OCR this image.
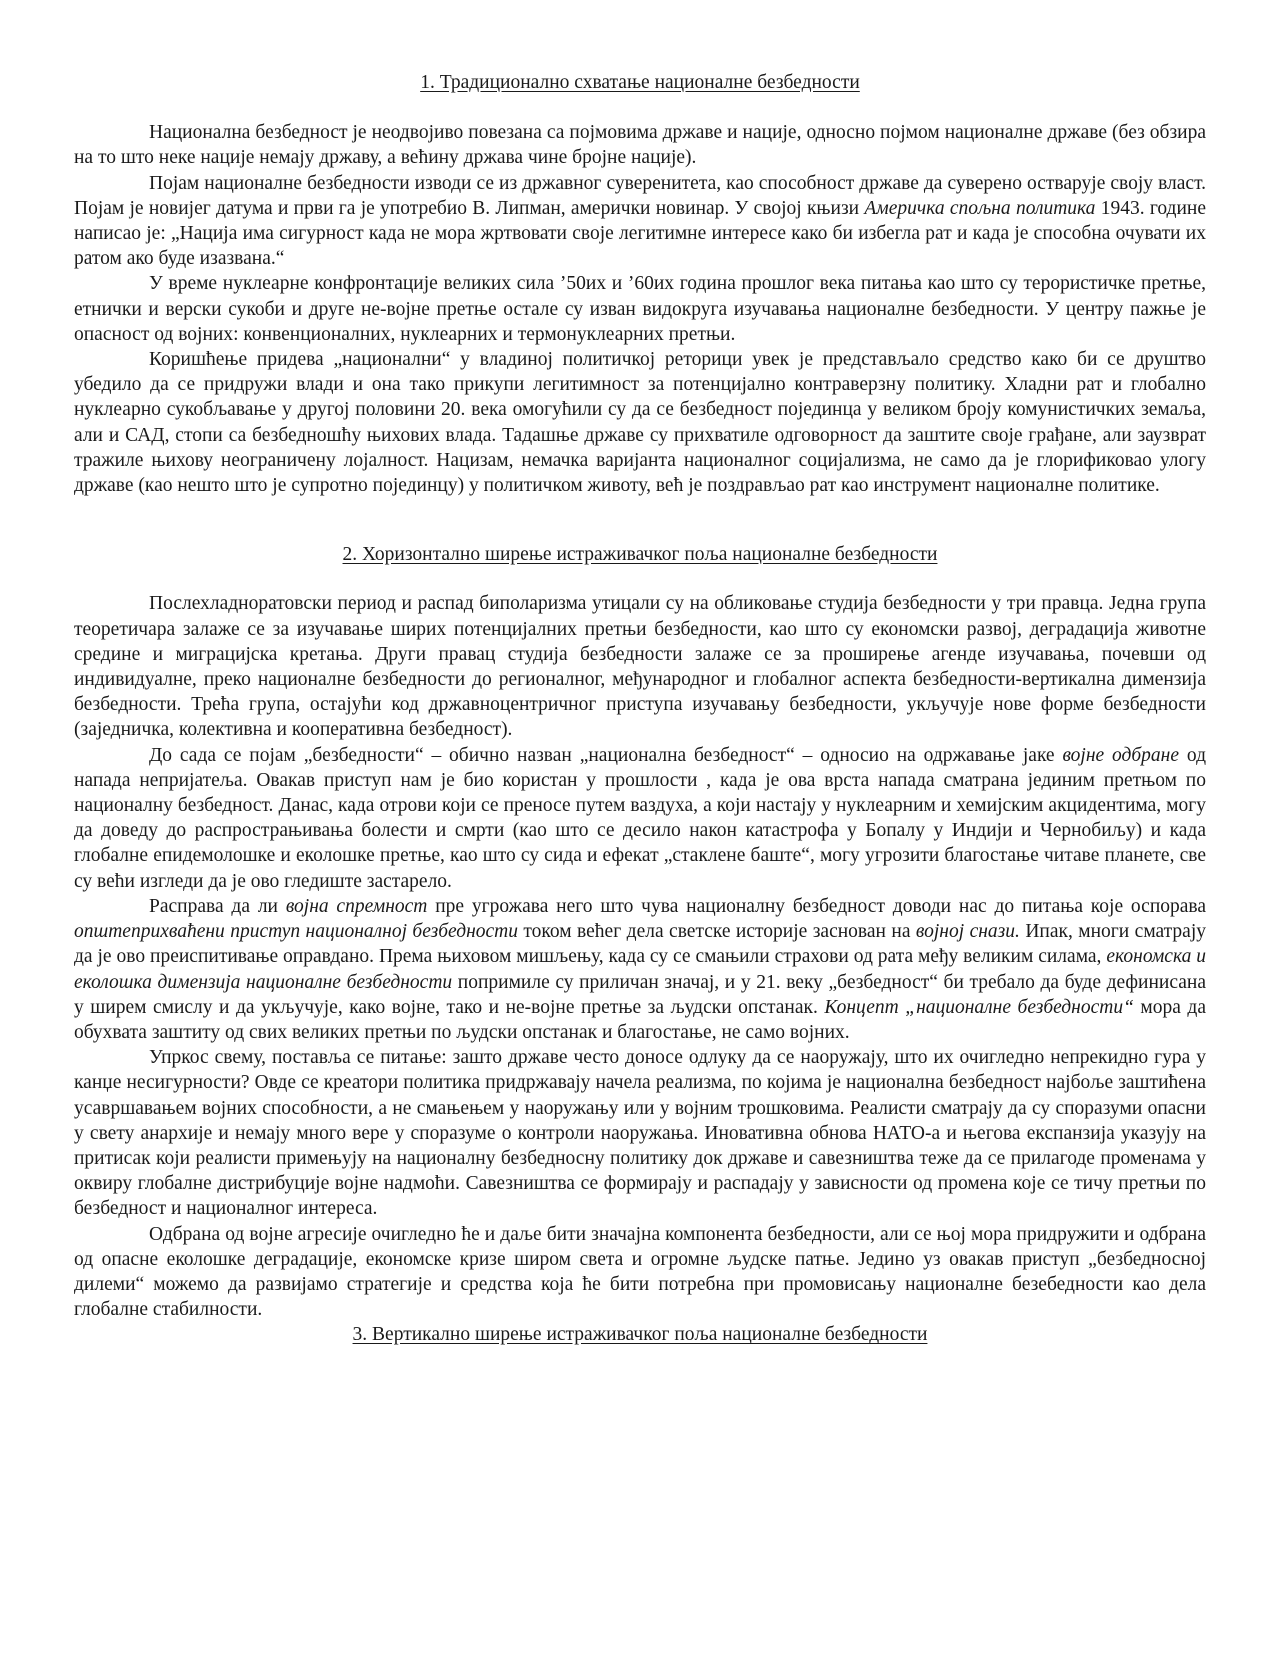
1. Традиционално схватање националне безбедности

Национална безбедност је неодвојиво повезана са појмовима државе и нације, односно појмом националне државе (без обзира на то што неке нације немају државу, а већину држава чине бројне нације).

Појам националне безбедности изводи се из државног суверенитета, као способност државе да суверено остварује своју власт. Појам је новијег датума и први га је употребио В. Липман, амерички новинар. У својој књизи Америчка спољна политика 1943. године написао је: „Нација има сигурност када не мора жртвовати своје легитимне интересе како би избегла рат и када је способна очувати их ратом ако буде изазвана.“

У време нуклеарне конфронтације великих сила ’50их и ’60их година прошлог века питања као што су терористичке претње, етнички и верски сукоби и друге не-војне претње остале су изван видокруга изучавања националне безбедности. У центру пажње је опасност од војних: конвенционалних, нуклеарних и термонуклеарних претњи.

Коришћење придева „национални“ у владиној политичкој реторици увек је представљало средство како би се друштво убедило да се придружи влади и она тако прикупи легитимност за потенцијално контраверзну политику. Хладни рат и глобално нуклеарно сукобљавање у другој половини 20. века омогућили су да се безбедност појединца у великом броју комунистичких земаља, али и САД, стопи са безбедношћу њихових влада. Тадашње државе су прихватиле одговорност да заштите своје грађане, али заузврат тражиле њихову неограничену лојалност. Нацизам, немачка варијанта националног социјализма, не само да је глорификовао улогу државе (као нешто што је супротно појединцу) у политичком животу, већ је поздрављао рат као инструмент националне политике.

2. Хоризонтално ширење истраживачког поља националне безбедности

Послехладноратовски период и распад биполаризма утицали су на обликовање студија безбедности у три правца. Једна група теоретичара залаже се за изучавање ширих потенцијалних претњи безбедности, као што су економски развој, деградација животне средине и миграцијска кретања. Други правац студија безбедности залаже се за проширење агенде изучавања, почевши од индивидуалне, преко националне безбедности до регионалног, међународног и глобалног аспекта безбедности-вертикална димензија безбедности. Трећа група, остајући код државноцентричног приступа изучавању безбедности, укључује нове форме безбедности (заједничка, колективна и кооперативна безбедност).

До сада се појам „безбедности“ – обично назван „национална безбедност“ – односио на одржавање јаке војне одбране од напада непријатеља. Овакав приступ нам је био користан у прошлости , када је ова врста напада сматрана јединим претњом по националну безбедност. Данас, када отрови који се преносе путем ваздуха, а који настају у нуклеарним и хемијским акцидентима, могу да доведу до распрострањивања болести и смрти (као што се десило након катастрофа у Бопалу у Индији и Чернобиљу) и када глобалне епидемолошке и еколошке претње, као што су сида и ефекат „стаклене баште“, могу угрозити благостање читаве планете, све су већи изгледи да је ово гледиште застарело.

Расправа да ли војна спремност пре угрожава него што чува националну безбедност доводи нас до питања које оспорава општеприхваћени приступ националној безбедности током већег дела светске историје заснован на војној снази. Ипак, многи сматрају да је ово преиспитивање оправдано. Према њиховом мишљењу, када су се смањили страхови од рата међу великим силама, економска и еколошка димензија националне безбедности попримиле су приличан значај, и у 21. веку „безбедност“ би требало да буде дефинисана у ширем смислу и да укључује, како војне, тако и не-војне претње за људски опстанак. Концепт „националне безбедности“ мора да обухвата заштиту од свих великих претњи по људски опстанак и благостање, не само војних.

Упркос свему, поставља се питање: зашто државе често доносе одлуку да се наоружају, што их очигледно непрекидно гура у канџе несигурности? Овде се креатори политика придржавају начела реализма, по којима је национална безбедност најбоље заштићена усавршавањем војних способности, а не смањењем у наоружању или у војним трошковима. Реалисти сматрају да су споразуми опасни у свету анархије и немају много вере у споразуме о контроли наоружања. Иновативна обнова НАТО-а и његова експанзија указују на притисак који реалисти примењују на националну безбедносну политику док државе и савезништва теже да се прилагоде променама у оквиру глобалне дистрибуције војне надмоћи. Савезништва се формирају и распадају у зависности од промена које се тичу претњи по безбедност и националног интереса.

Одбрана од војне агресије очигледно ће и даље бити значајна компонента безбедности, али се њој мора придружити и одбрана од опасне еколошке деградације, економске кризе широм света и огромне људске патње. Једино уз овакав приступ „безбедносној дилеми“ можемо да развијамо стратегије и средства која ће бити потребна при промовисању националне безебедности као дела глобалне стабилности.

3. Вертикално ширење истраживачког поља националне безбедности
